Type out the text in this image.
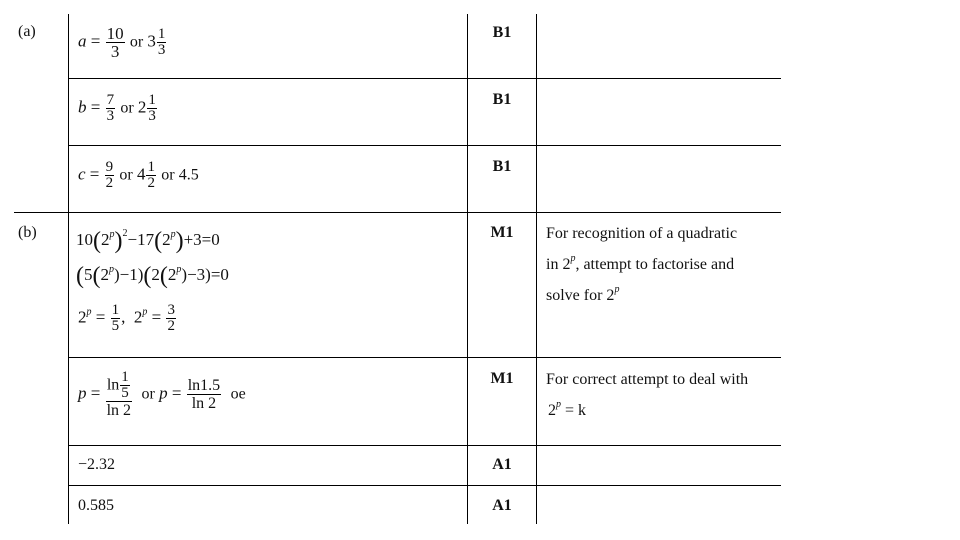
(a)
(b)
$a = \frac{10}{3}$ or $3 \frac{1}{3}$
$b = \frac{7}{3}$ or $2 \frac{1}{3}$
$c = \frac{9}{2}$ or $4 \frac{1}{2}$ or 4.5
$10(2^p)^2-17(2^p)+3=0$
$(5(2^p)-1)(2(2^p)-3)=0$
$2^p = \frac{1}{5}$ ,  $2^p = \frac{3}{2}$
$p = \frac{\ln \frac{1}{5}}{\ln 2}$ or $p = \frac{\ln 1.5}{\ln 2}$ oe
−2.32
0.585
B1
B1
B1
M1
M1
A1
A1
For recognition of a quadratic
in 2$^p$, attempt to factorise and
solve for 2$^p$
For correct attempt to deal with
$2^p = k$
